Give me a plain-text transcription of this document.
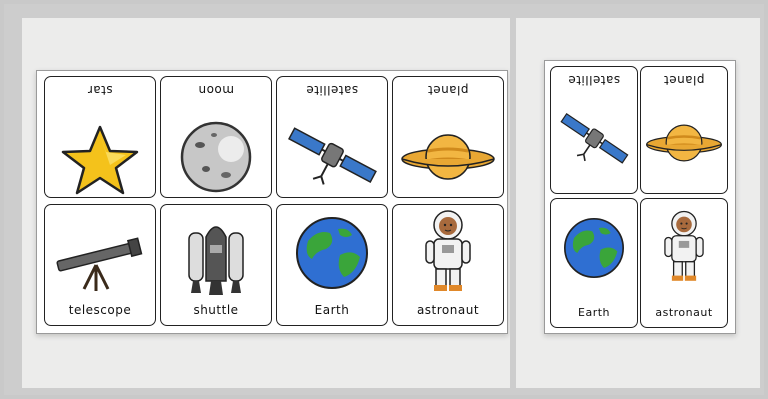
star	moon	satellite	planet
telescope	shuttle	Earth	astronaut
satellite	planet
Earth	astronaut
